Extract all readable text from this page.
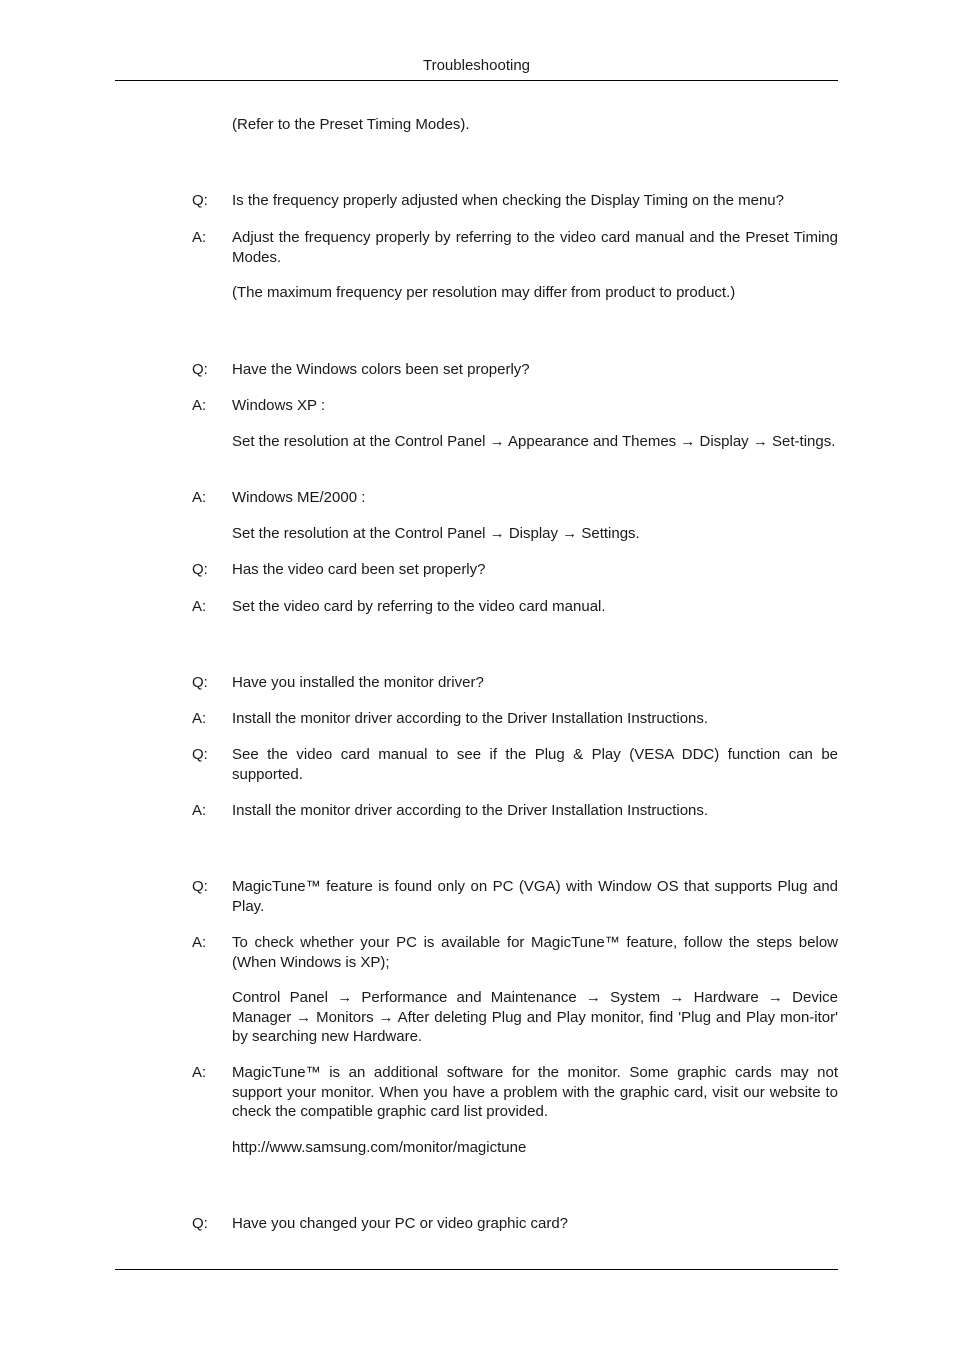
Troubleshooting
(Refer to the Preset Timing Modes).
Q:	Is the frequency properly adjusted when checking the Display Timing on the menu?
A:	Adjust the frequency properly by referring to the video card manual and the Preset Timing Modes.
(The maximum frequency per resolution may differ from product to product.)
Q:	Have the Windows colors been set properly?
A:	Windows XP :
Set the resolution at the Control Panel → Appearance and Themes → Display → Set-tings.
A:	Windows ME/2000 :
Set the resolution at the Control Panel → Display → Settings.
Q:	Has the video card been set properly?
A:	Set the video card by referring to the video card manual.
Q:	Have you installed the monitor driver?
A:	Install the monitor driver according to the Driver Installation Instructions.
Q:	See the video card manual to see if the Plug & Play (VESA DDC) function can be supported.
A:	Install the monitor driver according to the Driver Installation Instructions.
Q:	MagicTune™ feature is found only on PC (VGA) with Window OS that supports Plug and Play.
A:	To check whether your PC is available for MagicTune™ feature, follow the steps below (When Windows is XP);
Control Panel → Performance and Maintenance → System → Hardware → Device Manager → Monitors → After deleting Plug and Play monitor, find 'Plug and Play mon-itor' by searching new Hardware.
A:	MagicTune™ is an additional software for the monitor. Some graphic cards may not support your monitor. When you have a problem with the graphic card, visit our website to check the compatible graphic card list provided.
http://www.samsung.com/monitor/magictune
Q:	Have you changed your PC or video graphic card?
